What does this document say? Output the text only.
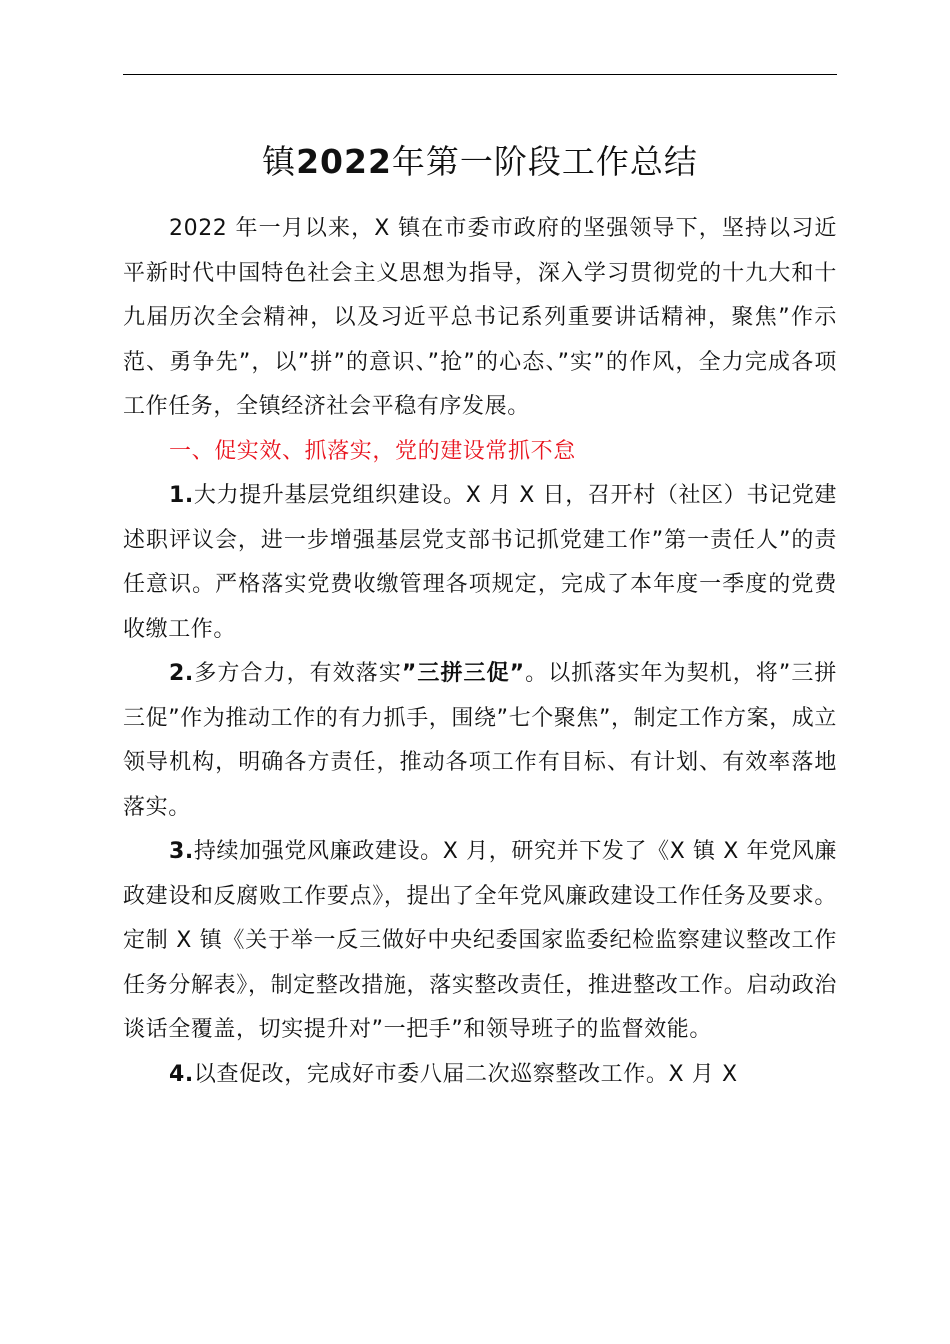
镇2022年第一阶段工作总结

2022 年一月以来，X 镇在市委市政府的坚强领导下，坚持以习近平新时代中国特色社会主义思想为指导，深入学习贯彻党的十九大和十九届历次全会精神，以及习近平总书记系列重要讲话精神，聚焦”作示范、勇争先”，以”拼”的意识、”抢”的心态、”实”的作风，全力完成各项工作任务，全镇经济社会平稳有序发展。

一、促实效、抓落实，党的建设常抓不怠

1.大力提升基层党组织建设。X 月 X 日，召开村（社区）书记党建述职评议会，进一步增强基层党支部书记抓党建工作”第一责任人”的责任意识。严格落实党费收缴管理各项规定，完成了本年度一季度的党费收缴工作。

2.多方合力，有效落实”三拼三促”。以抓落实年为契机，将”三拼三促”作为推动工作的有力抓手，围绕”七个聚焦”，制定工作方案，成立领导机构，明确各方责任，推动各项工作有目标、有计划、有效率落地落实。

3.持续加强党风廉政建设。X 月，研究并下发了《X 镇 X 年党风廉政建设和反腐败工作要点》，提出了全年党风廉政建设工作任务及要求。定制 X 镇《关于举一反三做好中央纪委国家监委纪检监察建议整改工作任务分解表》，制定整改措施，落实整改责任，推进整改工作。启动政治谈话全覆盖，切实提升对”一把手”和领导班子的监督效能。

4.以查促改，完成好市委八届二次巡察整改工作。X 月 X
